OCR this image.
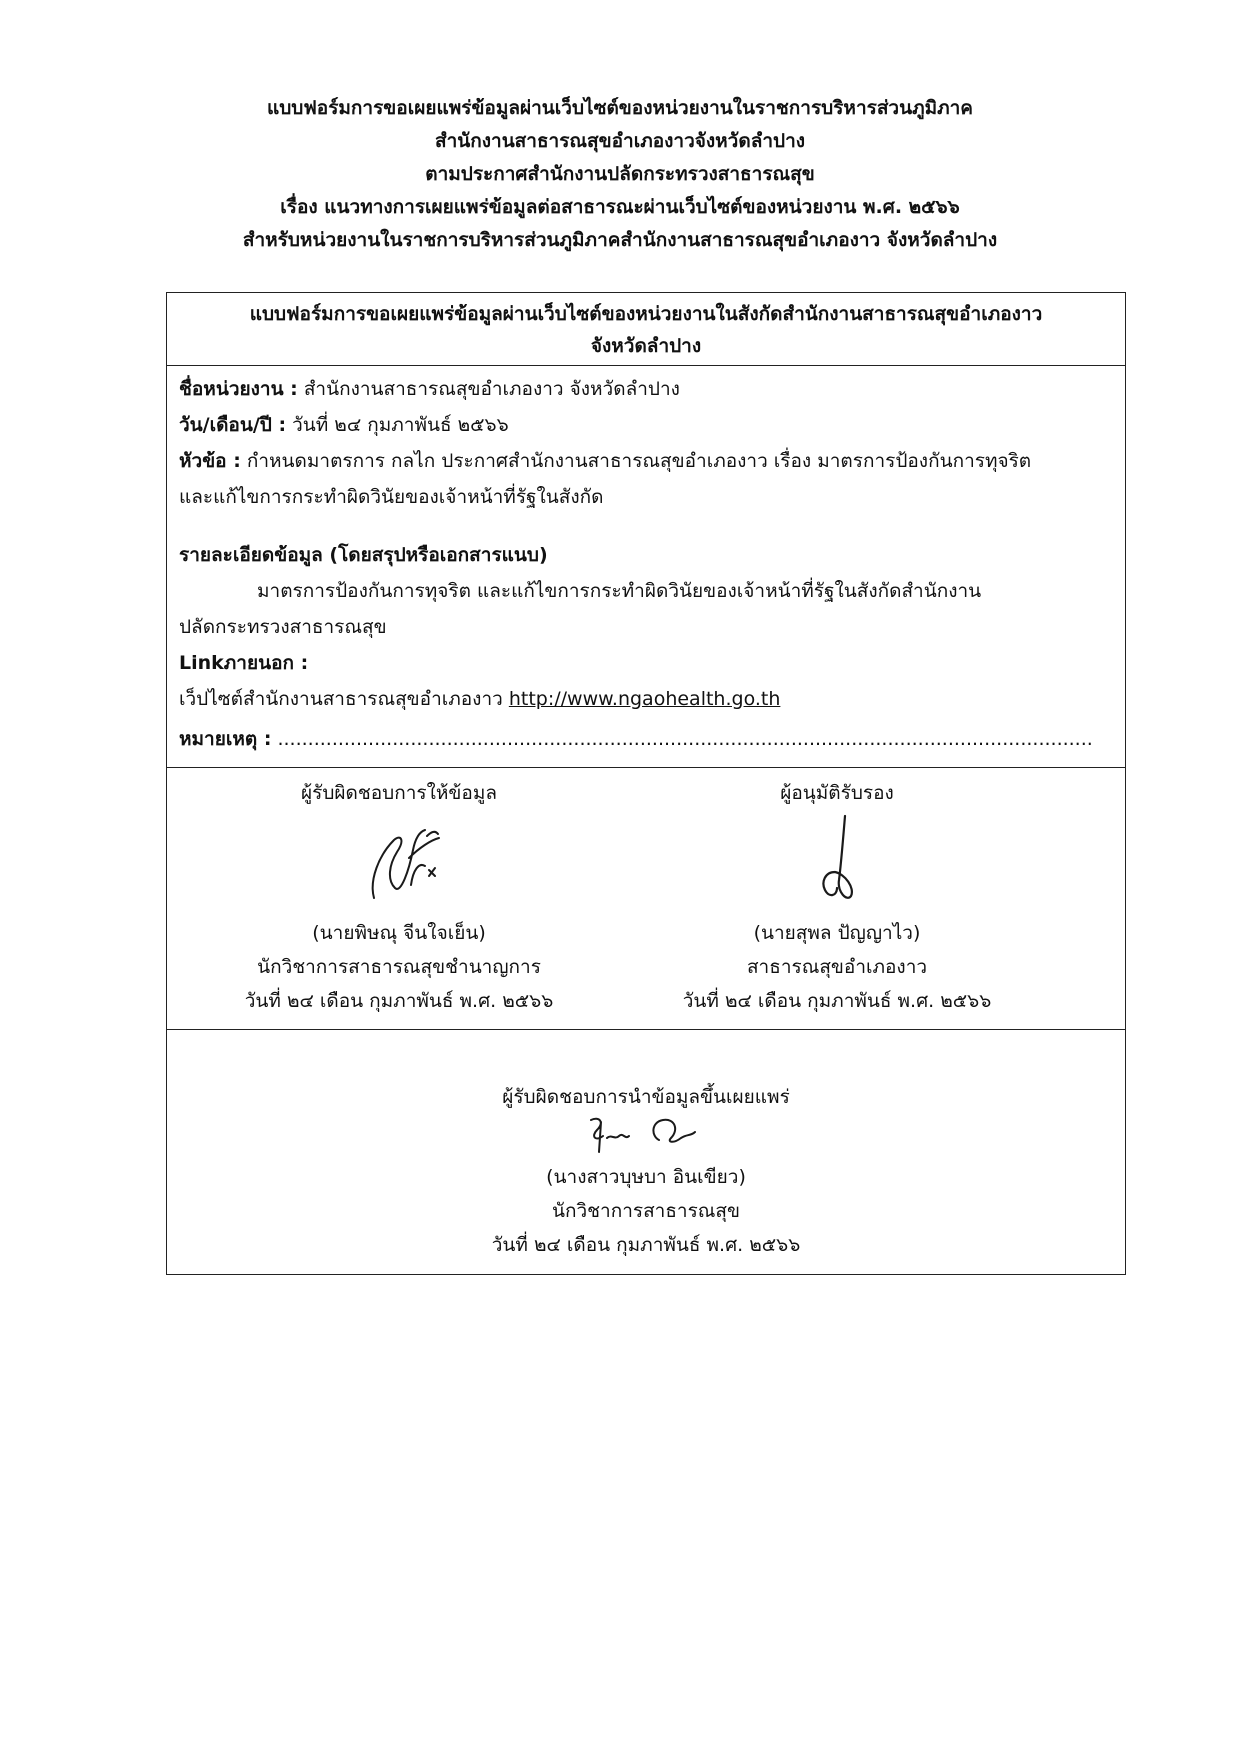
แบบฟอร์มการขอเผยแพร่ข้อมูลผ่านเว็บไซต์ของหน่วยงานในราชการบริหารส่วนภูมิภาค
สำนักงานสาธารณสุขอำเภองาวจังหวัดลำปาง
ตามประกาศสำนักงานปลัดกระทรวงสาธารณสุข
เรื่อง แนวทางการเผยแพร่ข้อมูลต่อสาธารณะผ่านเว็บไซต์ของหน่วยงาน พ.ศ. ๒๕๖๖
สำหรับหน่วยงานในราชการบริหารส่วนภูมิภาคสำนักงานสาธารณสุขอำเภองาว จังหวัดลำปาง
แบบฟอร์มการขอเผยแพร่ข้อมูลผ่านเว็บไซต์ของหน่วยงานในสังกัดสำนักงานสาธารณสุขอำเภองาว
จังหวัดลำปาง
ชื่อหน่วยงาน : สำนักงานสาธารณสุขอำเภองาว จังหวัดลำปาง
วัน/เดือน/ปี : วันที่ ๒๔ กุมภาพันธ์ ๒๕๖๖
หัวข้อ : กำหนดมาตรการ กลไก ประกาศสำนักงานสาธารณสุขอำเภองาว เรื่อง มาตรการป้องกันการทุจริต
และแก้ไขการกระทำผิดวินัยของเจ้าหน้าที่รัฐในสังกัด
รายละเอียดข้อมูล (โดยสรุปหรือเอกสารแนบ)
มาตรการป้องกันการทุจริต และแก้ไขการกระทำผิดวินัยของเจ้าหน้าที่รัฐในสังกัดสำนักงาน
ปลัดกระทรวงสาธารณสุข
Linkภายนอก :
เว็ปไซต์สำนักงานสาธารณสุขอำเภองาว http://www.ngaohealth.go.th
หมายเหตุ : .......................................................................................................................................
ผู้รับผิดชอบการให้ข้อมูล
(นายพิษณุ จีนใจเย็น)
นักวิชาการสาธารณสุขชำนาญการ
วันที่ ๒๔ เดือน กุมภาพันธ์ พ.ศ. ๒๕๖๖
ผู้อนุมัติรับรอง
(นายสุพล ปัญญาไว)
สาธารณสุขอำเภองาว
วันที่ ๒๔ เดือน กุมภาพันธ์ พ.ศ. ๒๕๖๖
ผู้รับผิดชอบการนำข้อมูลขึ้นเผยแพร่
(นางสาวบุษบา อินเขียว)
นักวิชาการสาธารณสุข
วันที่ ๒๔ เดือน กุมภาพันธ์ พ.ศ. ๒๕๖๖
